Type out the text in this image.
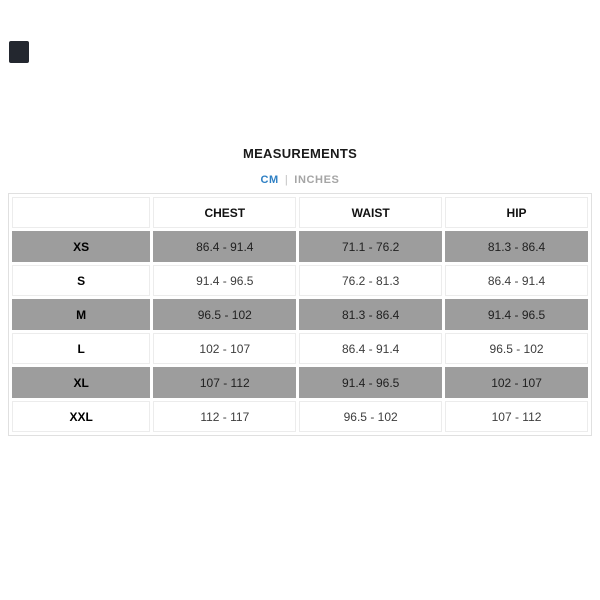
MEASUREMENTS
CM | INCHES
	CHEST	WAIST	HIP
XS	86.4 - 91.4	71.1 - 76.2	81.3 - 86.4
S	91.4 - 96.5	76.2 - 81.3	86.4 - 91.4
M	96.5 - 102	81.3 - 86.4	91.4 - 96.5
L	102 - 107	86.4 - 91.4	96.5 - 102
XL	107 - 112	91.4 - 96.5	102 - 107
XXL	112 - 117	96.5 - 102	107 - 112
